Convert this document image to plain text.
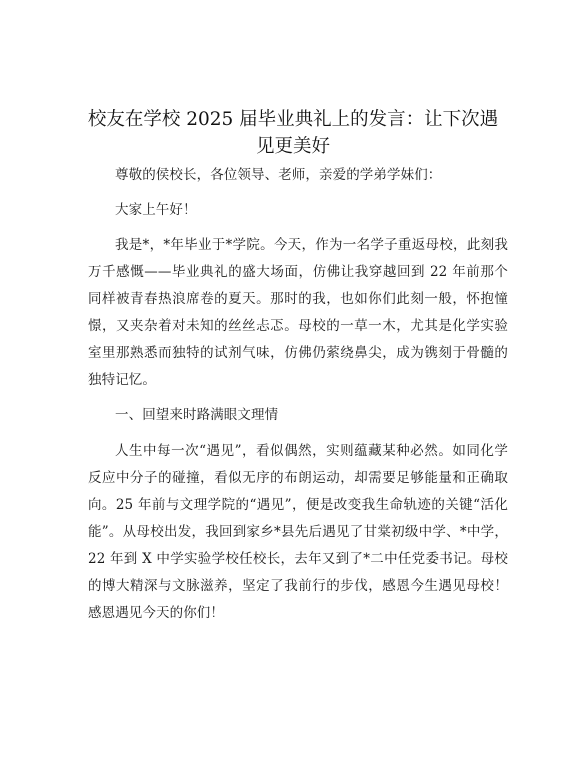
校友在学校 2025 届毕业典礼上的发言：让下次遇见更美好

尊敬的侯校长，各位领导、老师，亲爱的学弟学妹们：

大家上午好！

我是*，*年毕业于*学院。今天，作为一名学子重返母校，此刻我万千感慨——毕业典礼的盛大场面，仿佛让我穿越回到 22 年前那个同样被青春热浪席卷的夏天。那时的我，也如你们此刻一般，怀抱憧憬，又夹杂着对未知的丝丝忐忑。母校的一草一木，尤其是化学实验室里那熟悉而独特的试剂气味，仿佛仍萦绕鼻尖，成为镌刻于骨髓的独特记忆。

一、回望来时路满眼文理情

人生中每一次“遇见”，看似偶然，实则蕴藏某种必然。如同化学反应中分子的碰撞，看似无序的布朗运动，却需要足够能量和正确取向。25 年前与文理学院的“遇见”，便是改变我生命轨迹的关键“活化能”。从母校出发，我回到家乡*县先后遇见了甘棠初级中学、*中学，22 年到 X 中学实验学校任校长，去年又到了*二中任党委书记。母校的博大精深与文脉滋养，坚定了我前行的步伐，感恩今生遇见母校！感恩遇见今天的你们！
